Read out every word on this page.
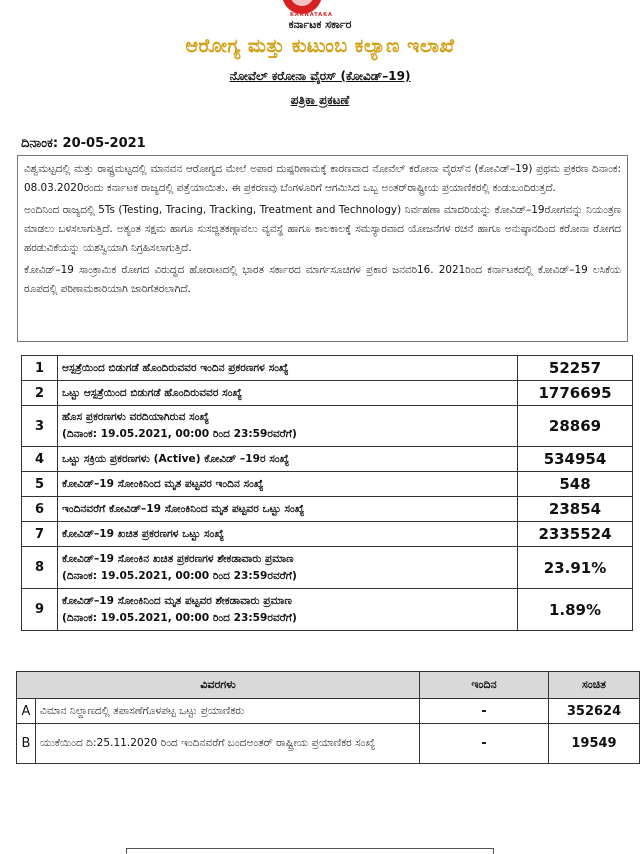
KARNATAKA
ಕರ್ನಾಟಕ ಸರ್ಕಾರ
ಆರೋಗ್ಯ ಮತ್ತು ಕುಟುಂಬ ಕಲ್ಯಾಣ ಇಲಾಖೆ
ನೋವೆಲ್ ಕರೋನಾ ವೈರಸ್ (ಕೋವಿಡ್–19)
ಪತ್ರಿಕಾ ಪ್ರಕಟಣೆ
ದಿನಾಂಕ: 20-05-2021

ವಿಶ್ವಮಟ್ಟದಲ್ಲಿ ಮತ್ತು ರಾಷ್ಟ್ರಮಟ್ಟದಲ್ಲಿ ಮಾನವನ ಆರೋಗ್ಯದ ಮೇಲೆ ಅಪಾರ ದುಷ್ಪರಿಣಾಮಕ್ಕೆ ಕಾರಣವಾದ ನೋವೆಲ್ ಕರೋನಾ ವೈರಸ್‌ನ (ಕೋವಿಡ್–19) ಪ್ರಥಮ ಪ್ರಕರಣ ದಿನಾಂಕ: 08.03.2020ರಂದು ಕರ್ನಾಟಕ ರಾಜ್ಯದಲ್ಲಿ ಪತ್ತೆಯಾಯಿತು. ಈ ಪ್ರಕರಣವು ಬೆಂಗಳೂರಿಗೆ ಆಗಮಿಸಿದ ಒಬ್ಬ ಅಂತರ್‌ರಾಷ್ಟ್ರೀಯ ಪ್ರಯಾಣಿಕರಲ್ಲಿ ಕಂಡುಬಂದಿರುತ್ತದೆ.

ಅಂದಿನಿಂದ ರಾಜ್ಯದಲ್ಲಿ 5Ts (Testing, Tracing, Tracking, Treatment and Technology) ನಿರ್ವಹಣಾ ಮಾದರಿಯನ್ನು ಕೋವಿಡ್–19ರೋಗವನ್ನು ನಿಯಂತ್ರಣ ಮಾಡಲು ಬಳಸಲಾಗುತ್ತಿದೆ. ಅತ್ಯಂತ ಸಕ್ಷಮ ಹಾಗೂ ಸುಸಜ್ಜಿತಕಣ್ಗಾವಲು ವ್ಯವಸ್ಥೆ ಹಾಗೂ ಕಾಲಕಾಲಕ್ಕೆ ಸಮಸ್ಯಾರವಾದ ಯೋಜನೆಗಳ ರಚನೆ ಹಾಗೂ ಅನುಷ್ಠಾನದಿಂದ ಕರೋನಾ ರೋಗದ ಹರಡುವಿಕೆಯನ್ನು ಯಶಸ್ವಿಯಾಗಿ ನಿಗ್ರಹಿಸಲಾಗುತ್ತಿದೆ.

ಕೋವಿಡ್–19 ಸಾಂಕ್ರಾಮಿಕ ರೋಗದ ವಿರುದ್ಧದ ಹೋರಾಟದಲ್ಲಿ ಭಾರತ ಸರ್ಕಾರದ ಮಾರ್ಗಸೂಚಿಗಳ ಪ್ರಕಾರ ಜನವರಿ16. 2021ರಿಂದ ಕರ್ನಾಟಕದಲ್ಲಿ ಕೋವಿಡ್–19 ಲಸಿಕೆಯ ರೂಪದಲ್ಲಿ ಪರಿಣಾಮಕಾರಿಯಾಗಿ ಜಾರಿಗೆತರಲಾಗಿದೆ.

1	ಆಸ್ಪತ್ರೆಯಿಂದ ಬಿಡುಗಡೆ ಹೊಂದಿರುವವರ ಇಂದಿನ ಪ್ರಕರಣಗಳ ಸಂಖ್ಯೆ	52257
2	ಒಟ್ಟು ಆಸ್ಪತ್ರೆಯಿಂದ ಬಿಡುಗಡೆ ಹೊಂದಿರುವವರ ಸಂಖ್ಯೆ	1776695
3	ಹೊಸ ಪ್ರಕರಣಗಳು ವರದಿಯಾಗಿರುವ ಸಂಖ್ಯೆ
(ದಿನಾಂಕ: 19.05.2021, 00:00 ರಿಂದ 23:59ರವರೆಗೆ)	28869
4	ಒಟ್ಟು ಸಕ್ರಿಯ ಪ್ರಕರಣಗಳು (Active) ಕೋವಿಡ್ –19ರ ಸಂಖ್ಯೆ	534954
5	ಕೋವಿಡ್–19 ಸೋಂಕಿನಿಂದ ಮೃತ ಪಟ್ಟವರ ಇಂದಿನ ಸಂಖ್ಯೆ	548
6	ಇಂದಿನವರೆಗೆ ಕೋವಿಡ್–19 ಸೋಂಕಿನಿಂದ ಮೃತ ಪಟ್ಟವರ ಒಟ್ಟು ಸಂಖ್ಯೆ	23854
7	ಕೋವಿಡ್–19 ಖಚಿತ ಪ್ರಕರಣಗಳ ಒಟ್ಟು ಸಂಖ್ಯೆ	2335524
8	ಕೋವಿಡ್–19 ಸೋಂಕಿನ ಖಚಿತ ಪ್ರಕರಣಗಳ ಶೇಕಡಾವಾರು ಪ್ರಮಾಣ
(ದಿನಾಂಕ: 19.05.2021, 00:00 ರಿಂದ 23:59ರವರೆಗೆ)	23.91%
9	ಕೋವಿಡ್–19 ಸೋಂಕಿನಿಂದ ಮೃತ ಪಟ್ಟವರ ಶೇಕಡಾವಾರು ಪ್ರಮಾಣ
(ದಿನಾಂಕ: 19.05.2021, 00:00 ರಿಂದ 23:59ರವರೆಗೆ)	1.89%
ವಿವರಗಳು		ಇಂದಿನ	ಸಂಚಿತ
A	ವಿಮಾನ ನಿಲ್ದಾಣದಲ್ಲಿ ತಪಾಸಣೆಗೊಳಪಟ್ಟ ಒಟ್ಟು ಪ್ರಯಾಣಿಕರು	-	352624
B	ಯುಕೆಯಿಂದ ದಿ:25.11.2020 ರಿಂದ ಇಂದಿನವರೆಗೆ ಬಂದಅಂತರ್ ರಾಷ್ಟ್ರೀಯ ಪ್ರಯಾಣಿಕರ ಸಂಖ್ಯೆ	-	19549
